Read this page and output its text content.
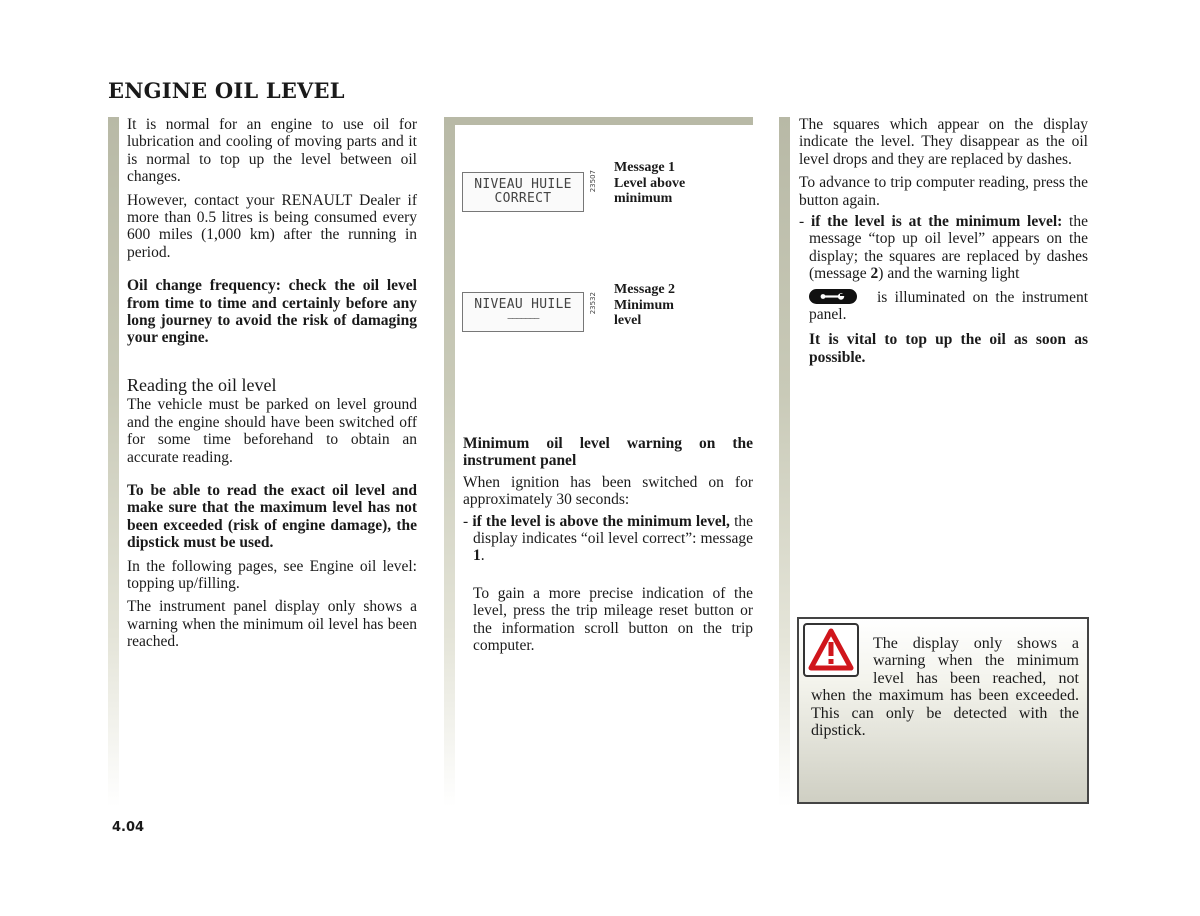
ENGINE OIL LEVEL

It is normal for an engine to use oil for lubrication and cooling of moving parts and it is normal to top up the level between oil changes.

However, contact your RENAULT Dealer if more than 0.5 litres is being consumed every 600 miles (1,000 km) after the running in period.

Oil change frequency: check the oil level from time to time and certainly before any long journey to avoid the risk of damaging your engine.

Reading the oil level

The vehicle must be parked on level ground and the engine should have been switched off for some time beforehand to obtain an accurate reading.

To be able to read the exact oil level and make sure that the maximum level has not been exceeded (risk of engine damage), the dipstick must be used.

In the following pages, see Engine oil level: topping up/filling.

The instrument panel display only shows a warning when the minimum oil level has been reached.

NIVEAU HUILE
CORRECT
23507
Message 1 Level above minimum
NIVEAU HUILE
–––––––
23532
Message 2 Minimum level

Minimum oil level warning on the instrument panel

When ignition has been switched on for approximately 30 seconds:

- if the level is above the minimum level, the display indicates “oil level correct”: message 1.

To gain a more precise indication of the level, press the trip mileage reset button or the information scroll button on the trip computer.

The squares which appear on the display indicate the level. They disappear as the oil level drops and they are replaced by dashes.

To advance to trip computer reading, press the button again.

- if the level is at the minimum level: the message “top up oil level” appears on the display; the squares are replaced by dashes (message 2) and the warning light

is illuminated on the instrument panel.

It is vital to top up the oil as soon as possible.

The display only shows a warning when the minimum level has been reached, not when the maximum has been exceeded. This can only be detected with the dipstick.
4.04
